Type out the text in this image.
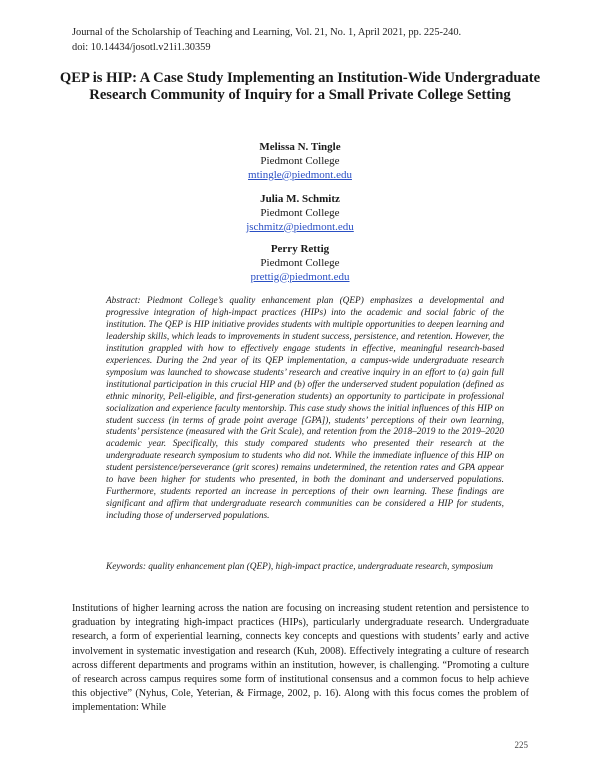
Journal of the Scholarship of Teaching and Learning, Vol. 21, No. 1, April 2021, pp. 225-240.
doi: 10.14434/josotl.v21i1.30359
QEP is HIP: A Case Study Implementing an Institution-Wide Undergraduate Research Community of Inquiry for a Small Private College Setting
Melissa N. Tingle
Piedmont College
mtingle@piedmont.edu
Julia M. Schmitz
Piedmont College
jschmitz@piedmont.edu
Perry Rettig
Piedmont College
prettig@piedmont.edu

Abstract: Piedmont College’s quality enhancement plan (QEP) emphasizes a developmental and progressive integration of high-impact practices (HIPs) into the academic and social fabric of the institution. The QEP is HIP initiative provides students with multiple opportunities to deepen learning and leadership skills, which leads to improvements in student success, persistence, and retention. However, the institution grappled with how to effectively engage students in effective, meaningful research-based experiences. During the 2nd year of its QEP implementation, a campus-wide undergraduate research symposium was launched to showcase students’ research and creative inquiry in an effort to (a) gain full institutional participation in this crucial HIP and (b) offer the underserved student population (defined as ethnic minority, Pell-eligible, and first-generation students) an opportunity to participate in professional socialization and experience faculty mentorship. This case study shows the initial influences of this HIP on student success (in terms of grade point average [GPA]), students’ perceptions of their own learning, students’ persistence (measured with the Grit Scale), and retention from the 2018–2019 to the 2019–2020 academic year. Specifically, this study compared students who presented their research at the undergraduate research symposium to students who did not. While the immediate influence of this HIP on student persistence/perseverance (grit scores) remains undetermined, the retention rates and GPA appear to have been higher for students who presented, in both the dominant and underserved populations. Furthermore, students reported an increase in perceptions of their own learning. These findings are significant and affirm that undergraduate research communities can be considered a HIP for students, including those of underserved populations.

Keywords: quality enhancement plan (QEP), high-impact practice, undergraduate research, symposium

Institutions of higher learning across the nation are focusing on increasing student retention and persistence to graduation by integrating high-impact practices (HIPs), particularly undergraduate research. Undergraduate research, a form of experiential learning, connects key concepts and questions with students’ early and active involvement in systematic investigation and research (Kuh, 2008). Effectively integrating a culture of research across different departments and programs within an institution, however, is challenging. “Promoting a culture of research across campus requires some form of institutional consensus and a common focus to help achieve this objective” (Nyhus, Cole, Yeterian, & Firmage, 2002, p. 16). Along with this focus comes the problem of implementation: While

225
